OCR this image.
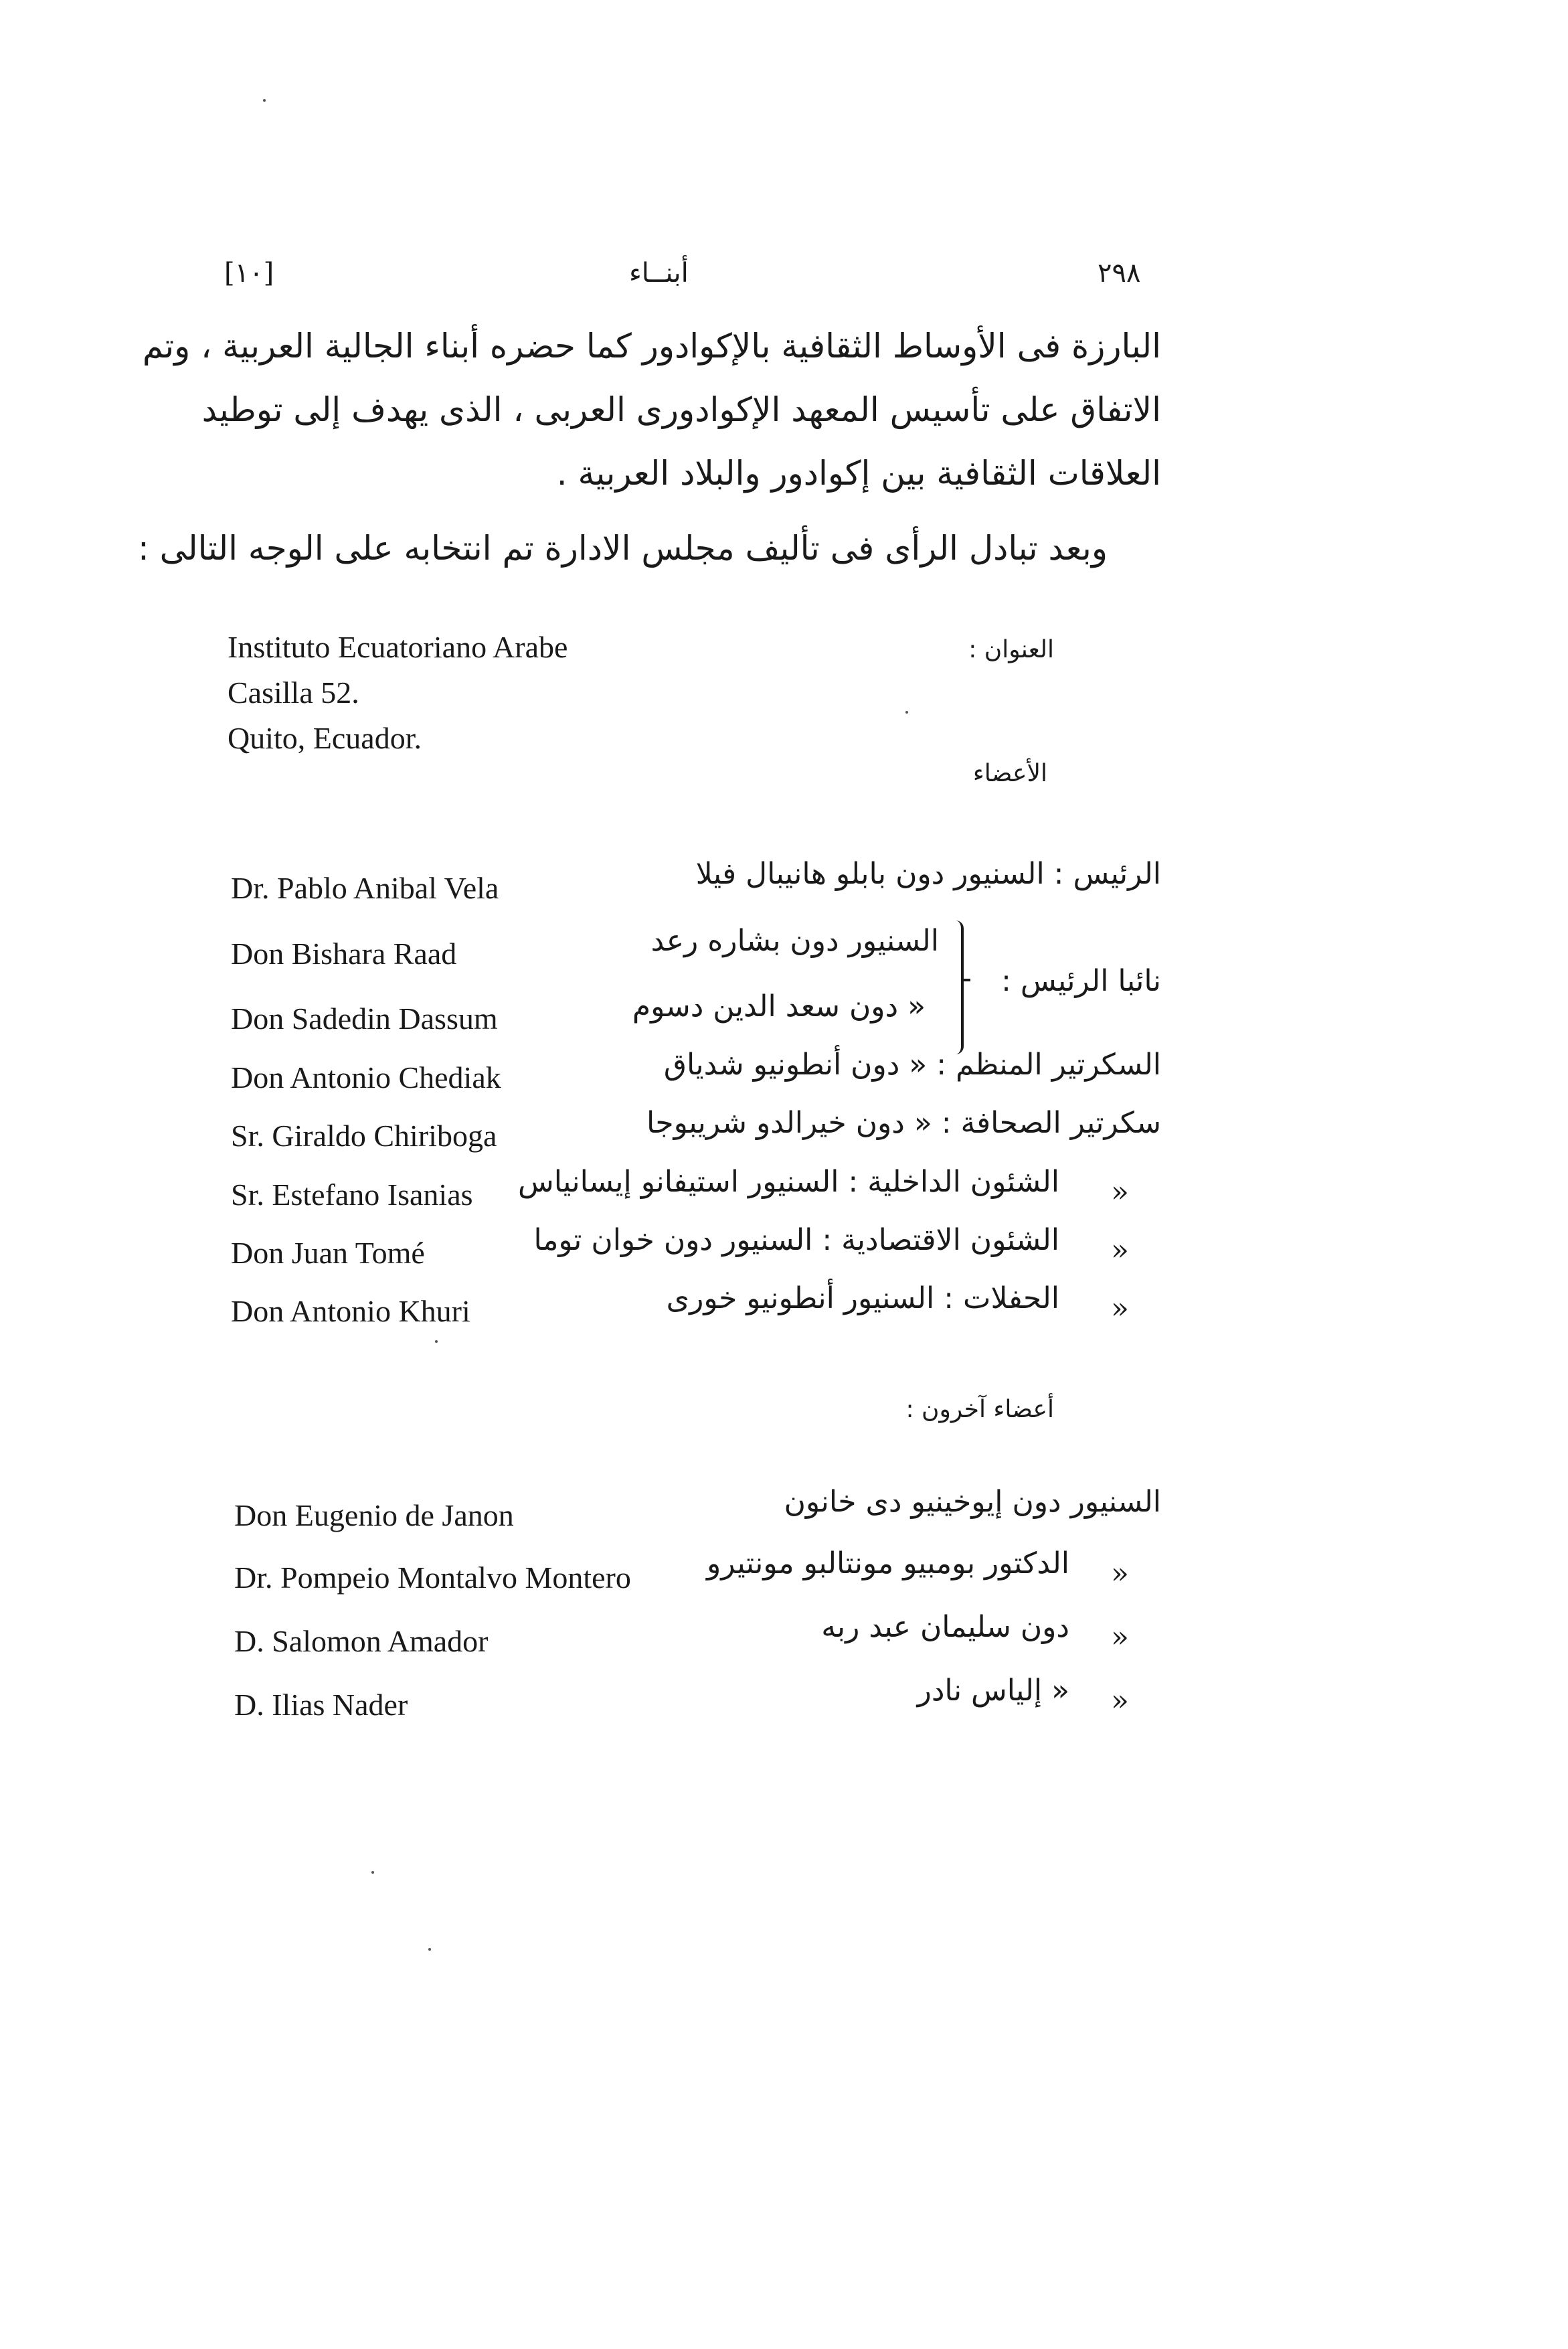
٢٩٨
أبنــاء
[١٠]
البارزة فى الأوساط الثقافية بالإكوادور كما حضره أبناء الجالية العربية ، وتم
الاتفاق على تأسيس المعهد الإكوادورى العربى ، الذى يهدف إلى توطيد
العلاقات الثقافية بين إكوادور والبلاد العربية .
وبعد تبادل الرأى فى تأليف مجلس الادارة تم انتخابه على الوجه التالى :
Instituto Ecuatoriano Arabe
Casilla 52.
Quito, Ecuador.
العنوان :
الأعضاء
Dr. Pablo Anibal Vela	الرئيس : السنيور دون بابلو هانيبال فيلا
Don Bishara Raad	السنيور دون بشاره رعد
نائبا الرئيس :
Don Sadedin Dassum	« دون سعد الدين دسوم
Don Antonio Chediak	السكرتير المنظم : « دون أنطونيو شدياق
Sr. Giraldo Chiriboga	سكرتير الصحافة : « دون خيرالدو شريبوجا
Sr. Estefano Isanias الشئون الداخلية : السنيور استيفانو إيسانياس »
Don Juan Tomé	الشئون الاقتصادية : السنيور دون خوان توما »
Don Antonio Khuri	الحفلات : السنيور أنطونيو خورى »
أعضاء آخرون :
Don Eugenio de Janon	السنيور دون إيوخينيو دى خانون
Dr. Pompeio Montalvo Montero	الدكتور بومبيو مونتالبو مونتيرو »
D. Salomon Amador	دون سليمان عبد ربه »
D. Ilias Nader	« إلياس نادر »
